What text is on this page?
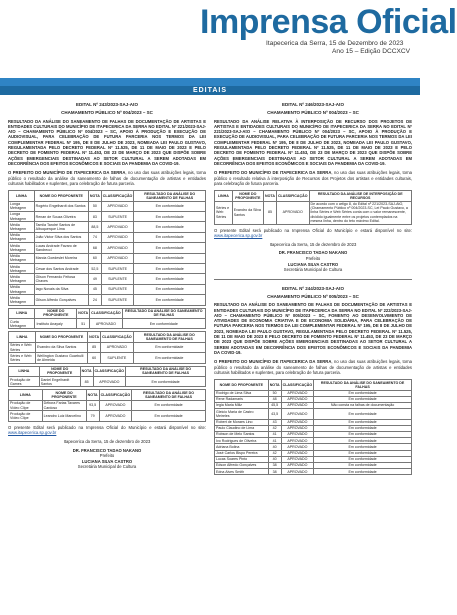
Imprensa Oficial
Itapecerica da Serra, 15 de Dezembro de 2023
Ano 15 – Edição DCCXCV
EDITAIS
EDITAL Nº 243/2023-SAJ-AtO
CHAMAMENTO PÚBLICO Nº 004/2023 – SC
RESULTADO DA ANÁLISE DO SANEAMENTO DE FALHAS DE DOCUMENTAÇÃO DE ARTISTAS E ENTIDADES CULTURAIS DO MUNICÍPIO DE ITAPECERICA DA SERRA NO EDITAL Nº 221/2023-SAJ-AtO – CHAMAMENTO PÚBLICO Nº 004/2023 – SC, APOIO À PRODUÇÃO E EXECUÇÃO DE AUDIOVISUAL, PARA CELEBRAÇÃO DE FUTURA PARCERIA NOS TERMOS DA LEI COMPLEMENTAR FEDERAL Nº 195, DE 8 DE JULHO DE 2023, NOMEADA LEI PAULO GUSTAVO, REGULAMENTADA PELO DECRETO FEDERAL Nº 11.525, DE 11 DE MAIO DE 2023 E PELO DECRETO DE FOMENTO FEDERAL Nº 11.453, DE 23 DE MARÇO DE 2023 QUE DISPÕE SOBRE AÇÕES EMERGENCIAIS DESTINADAS AO SETOR CULTURAL A SEREM ADOTADAS EM DECORRÊNCIA DOS EFEITOS ECONÔMICOS E SOCIAIS DA PANDEMIA DA COVID-19.
O PREFEITO DO MUNICÍPIO DE ITAPECERICA DA SERRA, no uso das suas atribuições legais, torna público o resultado da análise do saneamento de falhas de documentação de artistas e entidades culturais habilitados e suplentes, para celebração de futura parceria.
LINHA	NOME DO PROPONENTE	NOTA	CLASSIFICAÇÃO	RESULTADO DA ANÁLISE DO SANEAMENTO DE FALHAS
Longa Metragem	Rogério Engelhardt dos Santos	50	APROVADO	Em conformidade
Longa Metragem	Renan de Souza Oliveira	83	SUPLENTE	Em conformidade
Média Metragem	Tamila Tandré Santos de Albuquerque Lima	88,5	APROVADO	Em conformidade
Média Metragem	João Victor Silva dos Santos	74	APROVADO	Em conformidade
Média Metragem	Lucas Andrade Favaro de Sandrecci	68	APROVADO	Em conformidade
Média Metragem	Marcia Goedeslet Moreira	60	APROVADO	Em conformidade
Média Metragem	Cesar dos Santos Andrade	52,5	SUPLENTE	Em conformidade
Média Metragem	Glison Fernando Feitosa Chaves	49	SUPLENTE	Em conformidade
Média Metragem	Iago Novais da Silva	45	SUPLENTE	Em conformidade
Média Metragem	Gilson Alfredo Gonçalves	24	SUPLENTE	Em conformidade
LINHA	NOME DO PROPONENTE	NOTA	CLASSIFICAÇÃO	RESULTADO DA ANÁLISE DO SANEAMENTO DE FALHAS
Curta Metragem	Instituto Anayaly	51	APROVADO	Em conformidade
LINHA	NOME DO PROPONENTE	NOTA	CLASSIFICAÇÃO	RESULTADO DA ANÁLISE DO SANEAMENTO DE FALHAS
Séries e Web Séries	Evandro da Silva Santos	85	APROVADO	Em conformidade
Séries e Web Séries	Wellington Gustavo Guarbulli de Almeida	60	SUPLENTE	Em conformidade
LINHA	NOME DO PROPONENTE	NOTA	CLASSIFICAÇÃO	RESULTADO DA ANÁLISE DO SANEAMENTO DE FALHAS
Produção de Games	Daniel Engelhardt Santos	85	APROVADO	Em conformidade
LINHA	NOME DO PROPONENTE	NOTA	CLASSIFICAÇÃO	RESULTADO DA ANÁLISE DO SANEAMENTO DE FALHAS
Produção de Vídeo Clipe	Débora Farias Tavares Cardoso	93,5	APROVADO	Em conformidade
Produção de Vídeo Clipe	Leandro Luiz Marcelino	79	APROVADO	Em conformidade
O presente Edital será publicado na Imprensa Oficial do Município e estará disponível no site: www.itapecerica.sp.gov.br
Itapecerica da Serra, 15 de dezembro de 2023
DR. FRANCISCO TADAO NAKANO
Prefeito
LUCIANA SILVA CASTRO
Secretária Municipal de Cultura
EDITAL Nº 246/2023-SAJ-AtO
CHAMAMENTO PÚBLICO Nº 004/2023 – SC
RESULTADO DA ANÁLISE RELATIVA À INTERPOSIÇÃO DE RECURSO DOS PROJETOS DE ARTISTAS E ENTIDADES CULTURAIS DO MUNICÍPIO DE ITAPECERICA DA SERRA NO EDITAL Nº 221/2023-SAJ-AtO – CHAMAMENTO PÚBLICO Nº 004/2023 – SC, APOIO À PRODUÇÃO E EXECUÇÃO DE AUDIOVISUAL, PARA CELEBRAÇÃO DE FUTURA PARCERIA NOS TERMOS DA LEI COMPLEMENTAR FEDERAL Nº 195, DE 8 DE JULHO DE 2023, NOMEADA LEI PAULO GUSTAVO, REGULAMENTADA PELO DECRETO FEDERAL Nº 11.525, DE 11 DE MAIO DE 2023 E PELO DECRETO DE FOMENTO FEDERAL Nº 11.453, DE 23 DE MARÇO DE 2023 QUE DISPÕE SOBRE AÇÕES EMERGENCIAIS DESTINADAS AO SETOR CULTURAL A SEREM ADOTADAS EM DECORRÊNCIA DOS EFEITOS ECONÔMICOS E SOCIAIS DA PANDEMIA DA COVID-19.
O PREFEITO DO MUNICÍPIO DE ITAPECERICA DA SERRA, no uso das suas atribuições legais, torna público o resultado relativa à interposição de Recursos dos Projetos dos artistas e entidades culturais, para celebração de futura parceria.
LINHA	NOME DO PROPONENTE	NOTA	CLASSIFICAÇÃO	RESULTADO DA ANÁLISE DE INTERPOSIÇÃO DE RECURSOS
Séries e Web Séries	Evandro da Silva Santos	85	APROVADO	De acordo com o artigo 8, do Edital nº 221/2023-SAJ-AtO, (Chamamento Público nº 004/2023-SC, Lei Paulo Gustavo, a linha Séries e Web Séries conta com o valor remanescente, dividido igualmente entre os projetos contemplados na mesma linha, dentro do teto máximo Edital.
O presente Edital será publicado na Imprensa Oficial do Município e estará disponível no site: www.itapecerica.sp.gov.br
Itapecerica da Serra, 15 de dezembro de 2023
DR. FRANCISCO TADAO NAKANO
Prefeito
LUCIANA SILVA CASTRO
Secretária Municipal de Cultura
EDITAL Nº 244/2023-SAJ-AtO
CHAMAMENTO PÚBLICO Nº 005/2023 – SC
RESULTADO DA ANÁLISE DO SANEAMENTO DE FALHAS DE DOCUMENTAÇÃO DE ARTISTAS E ENTIDADES CULTURAIS DO MUNICÍPIO DE ITAPECERICA DA SERRA NO EDITAL Nº 222/2023-SAJ-AtO – CHAMAMENTO PÚBLICO Nº 005/2023 – SC, FOMENTO AO DESENVOLVIMENTO DE ATIVIDADES DE ECONOMIA CRIATIVA E DE ECONOMIA SOLIDÁRIA, PARA CELEBRAÇÃO DE FUTURA PARCERIA NOS TERMOS DA LEI COMPLEMENTAR FEDERAL Nº 195, DE 8 DE JULHO DE 2023, NOMEADA LEI PAULO GUSTAVO, REGULAMENTADA PELO DECRETO FEDERAL Nº 11.525, DE 11 DE MAIO DE 2023 E PELO DECRETO DE FOMENTO FEDERAL Nº 11.453, DE 23 DE MARÇO DE 2023 QUE DISPÕE SOBRE AÇÕES EMERGENCIAIS DESTINADAS AO SETOR CULTURAL A SEREM ADOTADAS EM DECORRÊNCIA DOS EFEITOS ECONÔMICOS E SOCIAIS DA PANDEMIA DA COVID-19.
O PREFEITO DO MUNICÍPIO DE ITAPECERICA DA SERRA, no uso das suas atribuições legais, torna público o resultado da análise do saneamento de falhas de documentação de artistas e entidades culturais habilitados e suplentes, para celebração de futura parceria.
NOME DO PROPONENTE	NOTA	CLASSIFICAÇÃO	RESULTADO DA ANÁLISE DO SANEAMENTO DE FALHAS
Rodrigo de Lima Silva	50	APROVADO	Em conformidade
Rene Radamaris	48	APROVADO	Em conformidade
Iegia Maria Miliz	45,5	APROVADO	Não consta na falhas de documentação
Gleicio Maria de Castro Meireles	43,5	APROVADO	Em conformidade
Robert de Moraes Lino	43	APROVADO	Em conformidade
Paulo Claudino de Lima	42	APROVADO	Em conformidade
Robson de Melo Santos	41	APROVADO	Em conformidade
Ivo Rodrigues de Oliveira	41	APROVADO	Em conformidade
Adriana Bolina	40	APROVADO	Em conformidade
José Carlos Bispo Pereira	42	APROVADO	Em conformidade
Lucas Soares Pinto	40	APROVADO	Em conformidade
Edson Alfredo Gonçalves	38	APROVADO	Em conformidade
Edna Alves Smith	38	APROVADO	Em conformidade
